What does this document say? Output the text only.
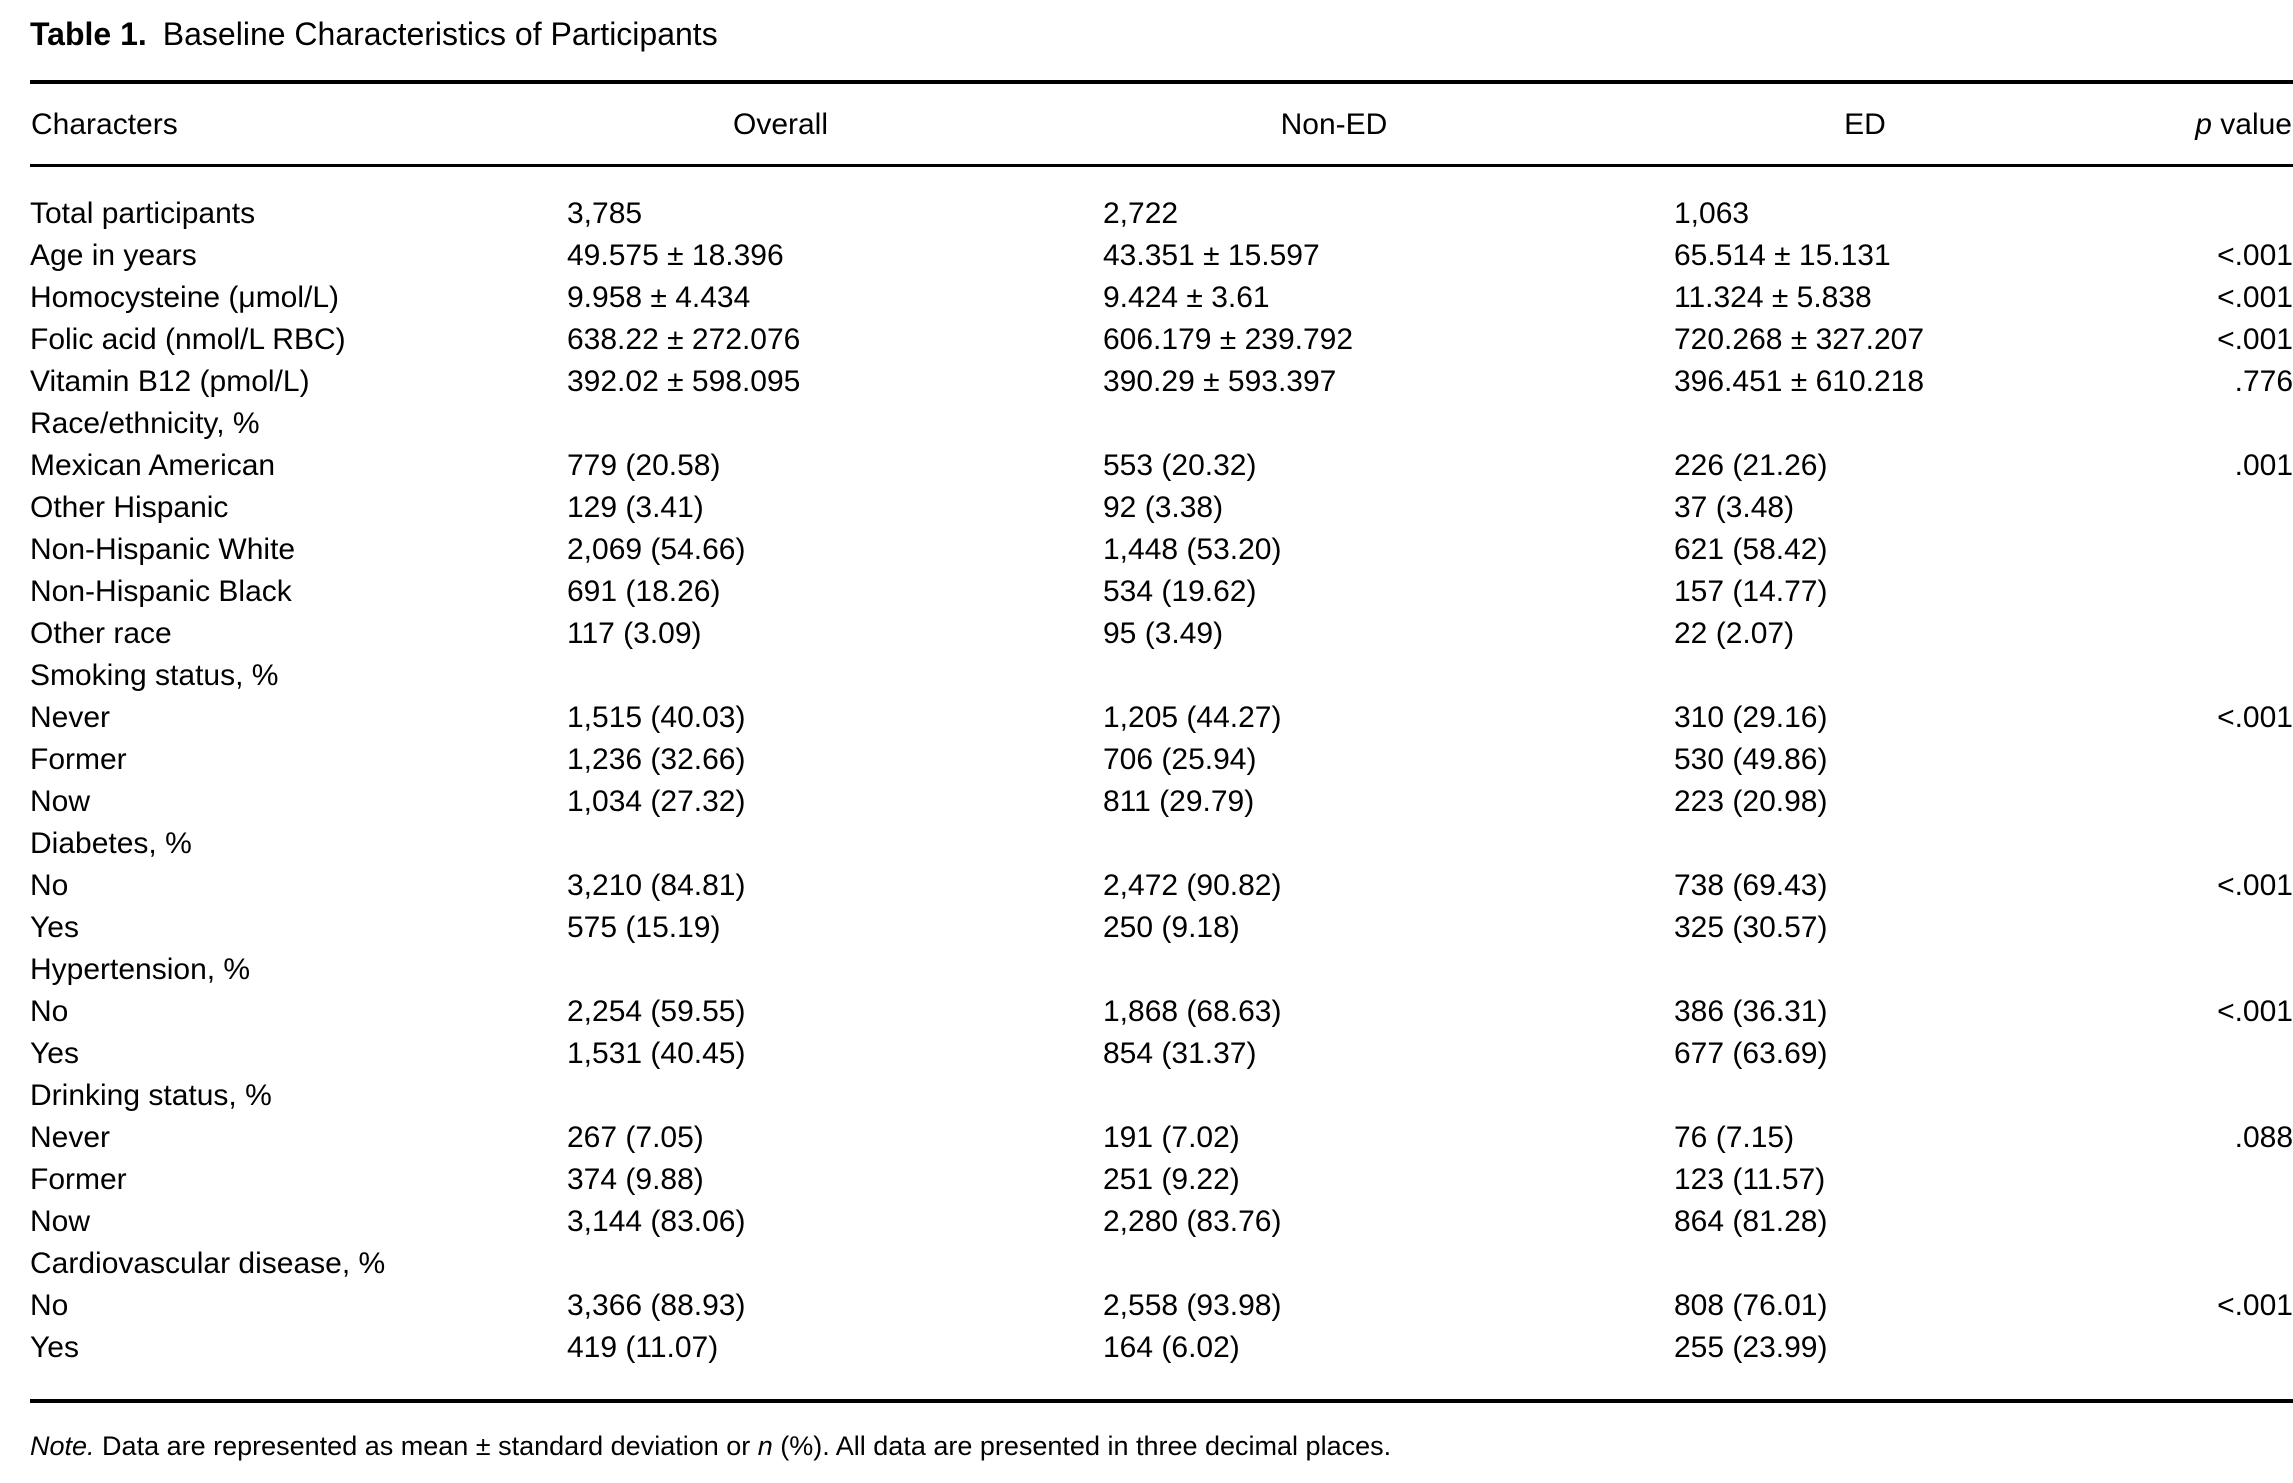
Table 1. Baseline Characteristics of Participants
Characters	Overall	Non-ED	ED	p value
Total participants	3,785	2,722	1,063	
Age in years	49.575 ± 18.396	43.351 ± 15.597	65.514 ± 15.131	<.001
Homocysteine (μmol/L)	9.958 ± 4.434	9.424 ± 3.61	11.324 ± 5.838	<.001
Folic acid (nmol/L RBC)	638.22 ± 272.076	606.179 ± 239.792	720.268 ± 327.207	<.001
Vitamin B12 (pmol/L)	392.02 ± 598.095	390.29 ± 593.397	396.451 ± 610.218	.776
Race/ethnicity, %				
Mexican American	779 (20.58)	553 (20.32)	226 (21.26)	.001
Other Hispanic	129 (3.41)	92 (3.38)	37 (3.48)	
Non-Hispanic White	2,069 (54.66)	1,448 (53.20)	621 (58.42)	
Non-Hispanic Black	691 (18.26)	534 (19.62)	157 (14.77)	
Other race	117 (3.09)	95 (3.49)	22 (2.07)	
Smoking status, %				
Never	1,515 (40.03)	1,205 (44.27)	310 (29.16)	<.001
Former	1,236 (32.66)	706 (25.94)	530 (49.86)	
Now	1,034 (27.32)	811 (29.79)	223 (20.98)	
Diabetes, %				
No	3,210 (84.81)	2,472 (90.82)	738 (69.43)	<.001
Yes	575 (15.19)	250 (9.18)	325 (30.57)	
Hypertension, %				
No	2,254 (59.55)	1,868 (68.63)	386 (36.31)	<.001
Yes	1,531 (40.45)	854 (31.37)	677 (63.69)	
Drinking status, %				
Never	267 (7.05)	191 (7.02)	76 (7.15)	.088
Former	374 (9.88)	251 (9.22)	123 (11.57)	
Now	3,144 (83.06)	2,280 (83.76)	864 (81.28)	
Cardiovascular disease, %				
No	3,366 (88.93)	2,558 (93.98)	808 (76.01)	<.001
Yes	419 (11.07)	164 (6.02)	255 (23.99)	
Note. Data are represented as mean ± standard deviation or n (%). All data are presented in three decimal places.
